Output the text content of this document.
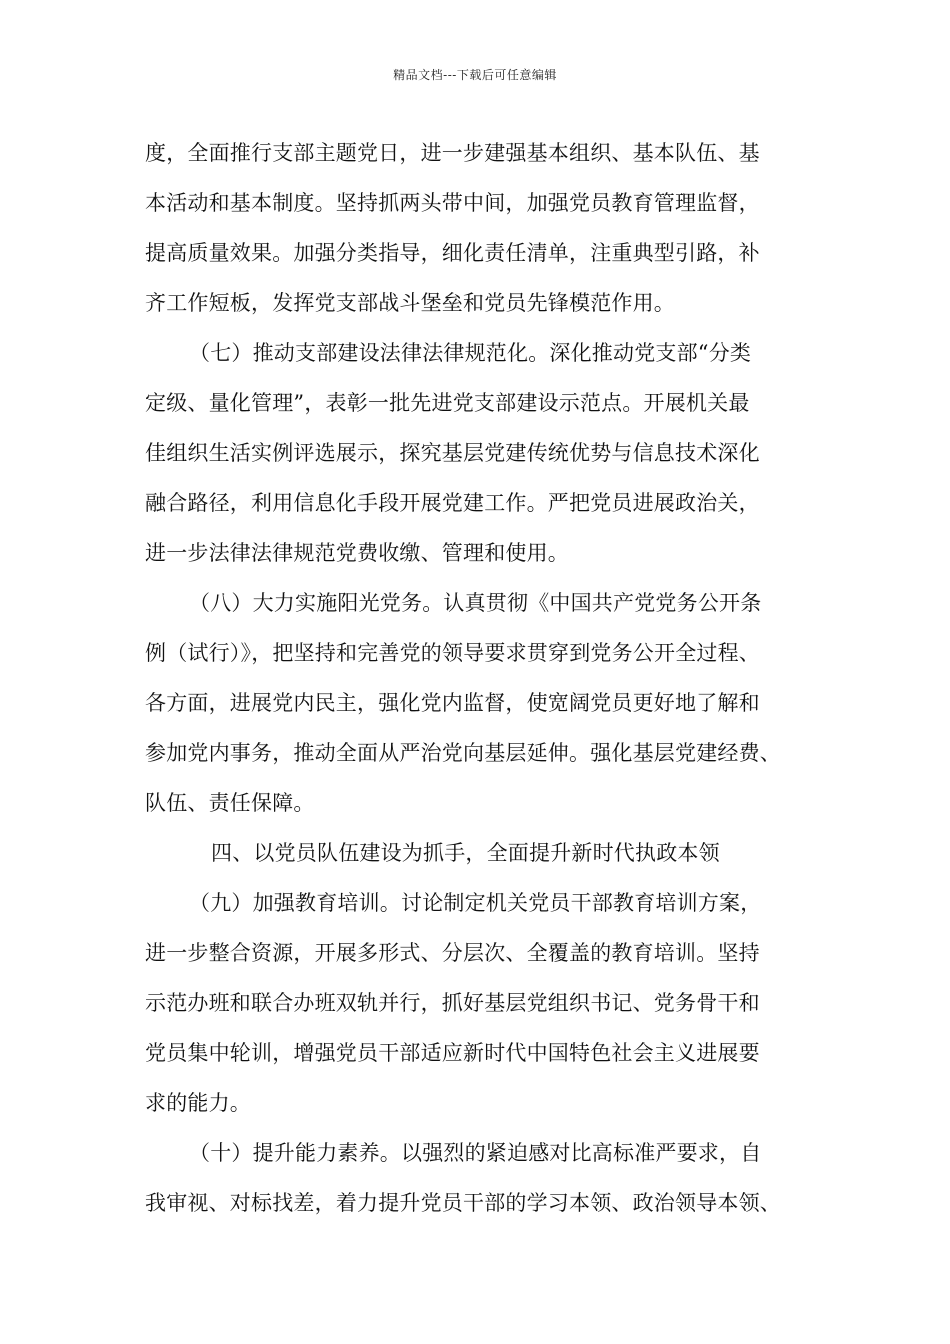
精品文档---下载后可任意编辑
度，全面推行支部主题党日，进一步建强基本组织、基本队伍、基
本活动和基本制度。坚持抓两头带中间，加强党员教育管理监督，
提高质量效果。加强分类指导，细化责任清单，注重典型引路，补
齐工作短板，发挥党支部战斗堡垒和党员先锋模范作用。
（七）推动支部建设法律法律规范化。深化推动党支部“分类
定级、量化管理”，表彰一批先进党支部建设示范点。开展机关最
佳组织生活实例评选展示，探究基层党建传统优势与信息技术深化
融合路径，利用信息化手段开展党建工作。严把党员进展政治关，
进一步法律法律规范党费收缴、管理和使用。
（八）大力实施阳光党务。认真贯彻《中国共产党党务公开条
例（试行）》，把坚持和完善党的领导要求贯穿到党务公开全过程、
各方面，进展党内民主，强化党内监督，使宽阔党员更好地了解和
参加党内事务，推动全面从严治党向基层延伸。强化基层党建经费、
队伍、责任保障。
四、以党员队伍建设为抓手，全面提升新时代执政本领
（九）加强教育培训。讨论制定机关党员干部教育培训方案，
进一步整合资源，开展多形式、分层次、全覆盖的教育培训。坚持
示范办班和联合办班双轨并行，抓好基层党组织书记、党务骨干和
党员集中轮训，增强党员干部适应新时代中国特色社会主义进展要
求的能力。
（十）提升能力素养。以强烈的紧迫感对比高标准严要求，自
我审视、对标找差，着力提升党员干部的学习本领、政治领导本领、
